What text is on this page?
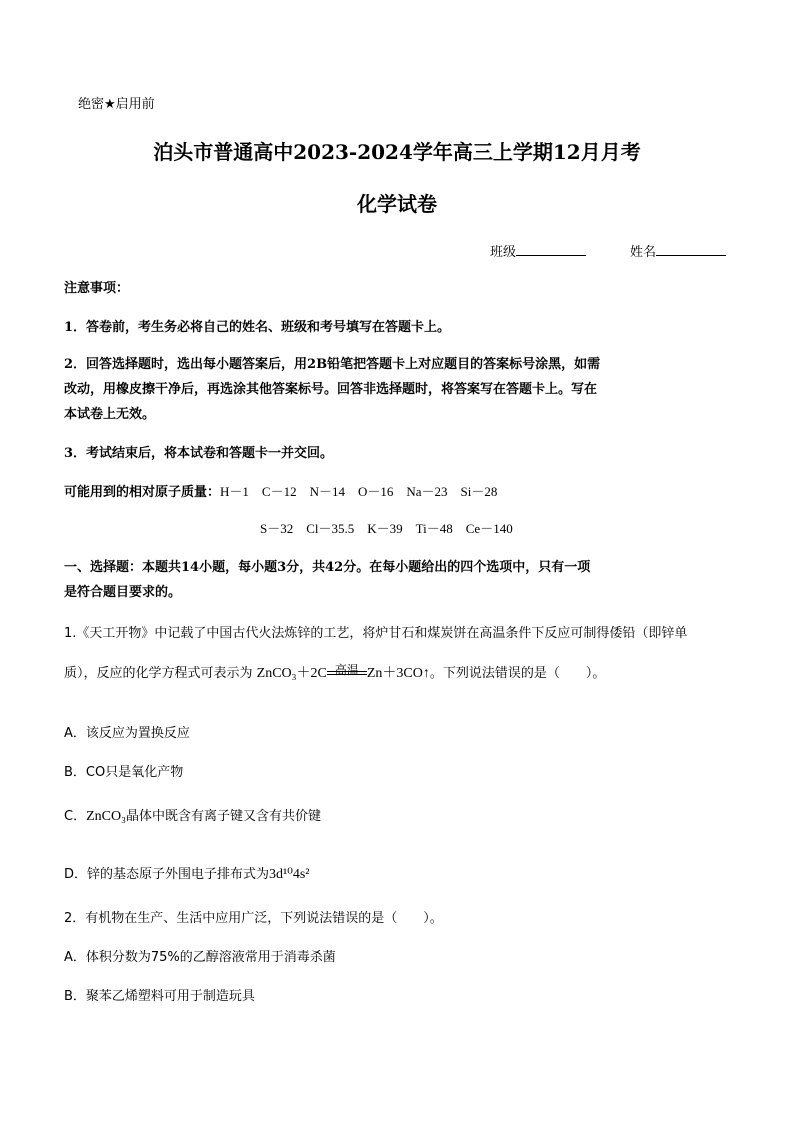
绝密★启用前
泊头市普通高中2023-2024学年高三上学期12月月考
化学试卷
班级	姓名
注意事项：
1．答卷前，考生务必将自己的姓名、班级和考号填写在答题卡上。
2．回答选择题时，选出每小题答案后，用2B铅笔把答题卡上对应题目的答案标号涂黑，如需
改动，用橡皮擦干净后，再选涂其他答案标号。回答非选择题时，将答案写在答题卡上。写在
本试卷上无效。
3．考试结束后，将本试卷和答题卡一并交回。
可能用到的相对原子质量：H－1　C－12　N－14　O－16　Na－23　Si－28
S－32　Cl－35.5　K－39　Ti－48　Ce－140
一、选择题：本题共14小题，每小题3分，共42分。在每小题给出的四个选项中，只有一项
是符合题目要求的。
1.《天工开物》中记载了中国古代火法炼锌的工艺，将炉甘石和煤炭饼在高温条件下反应可制得倭铅（即锌单
质），反应的化学方程式可表示为 ZnCO₃＋2C 高温 Zn＋3CO↑。下列说法错误的是（　　）。
A．该反应为置换反应
B．CO只是氧化产物
C．ZnCO₃晶体中既含有离子键又含有共价键
D．锌的基态原子外围电子排布式为3d¹⁰4s²
2．有机物在生产、生活中应用广泛，下列说法错误的是（　　）。
A．体积分数为75%的乙醇溶液常用于消毒杀菌
B．聚苯乙烯塑料可用于制造玩具
